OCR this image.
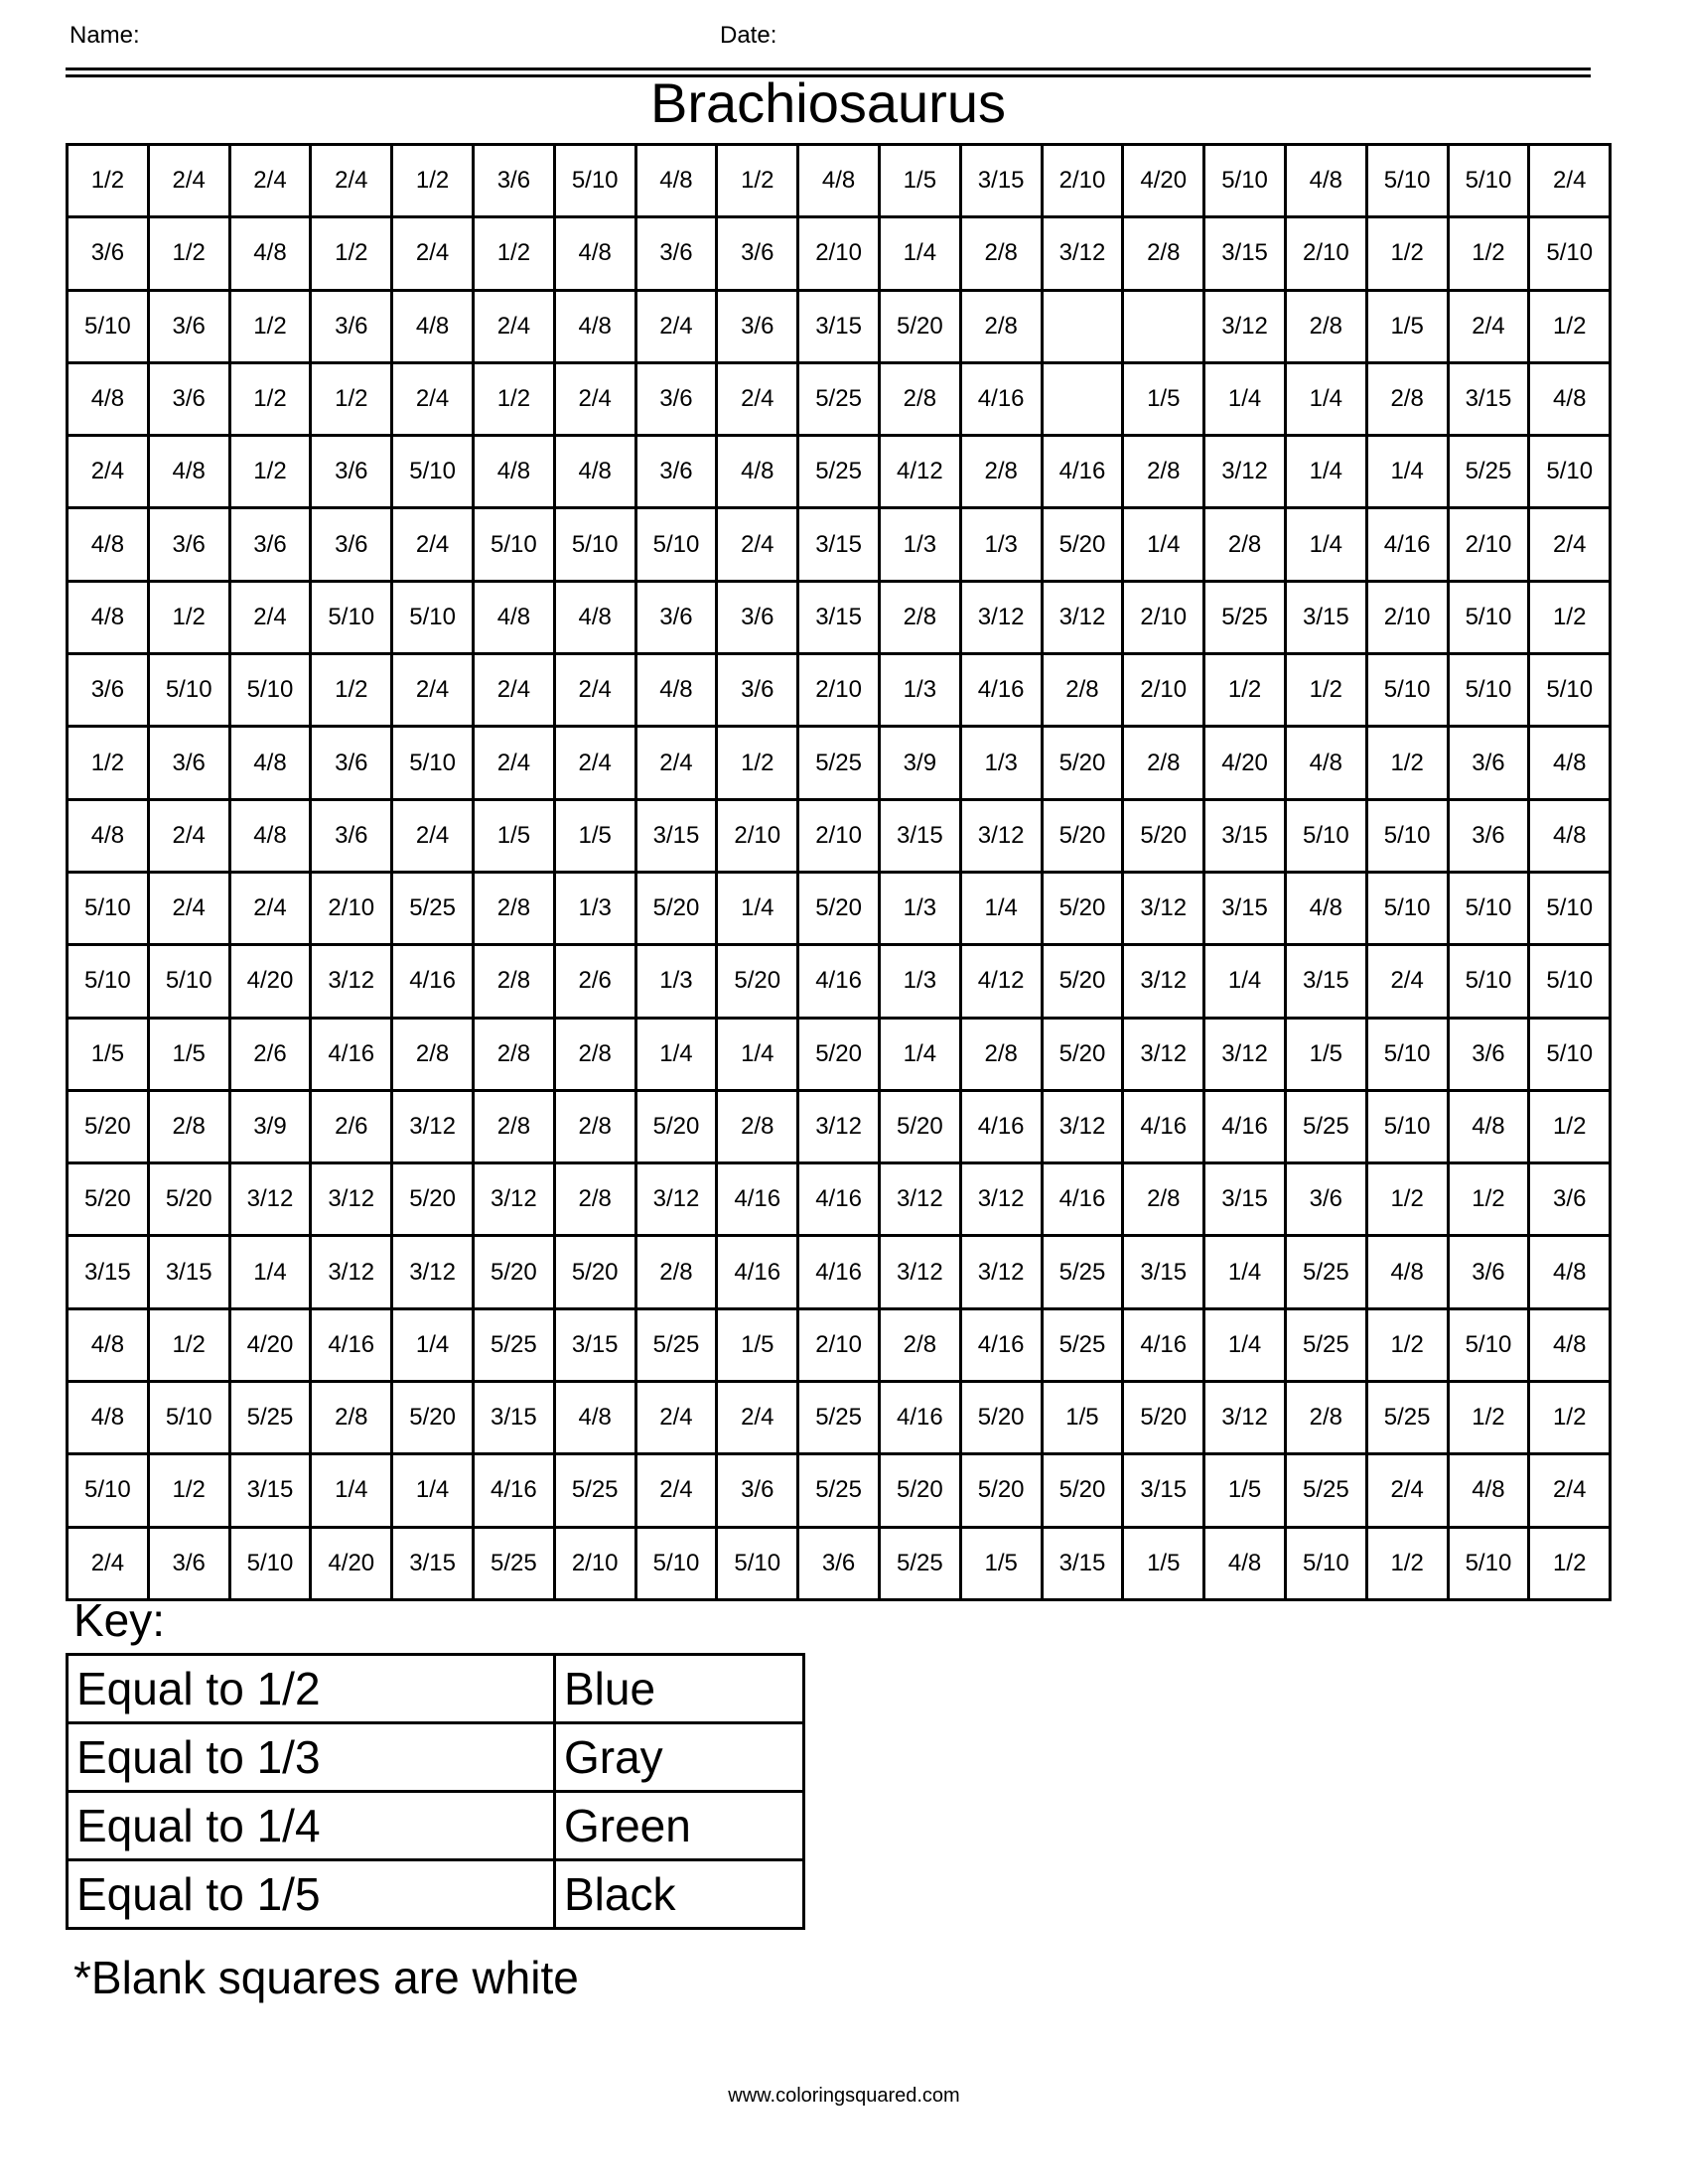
Name:	Date:
Brachiosaurus
1/2	2/4	2/4	2/4	1/2	3/6	5/10	4/8	1/2	4/8	1/5	3/15	2/10	4/20	5/10	4/8	5/10	5/10	2/4
3/6	1/2	4/8	1/2	2/4	1/2	4/8	3/6	3/6	2/10	1/4	2/8	3/12	2/8	3/15	2/10	1/2	1/2	5/10
5/10	3/6	1/2	3/6	4/8	2/4	4/8	2/4	3/6	3/15	5/20	2/8			3/12	2/8	1/5	2/4	1/2
4/8	3/6	1/2	1/2	2/4	1/2	2/4	3/6	2/4	5/25	2/8	4/16		1/5	1/4	1/4	2/8	3/15	4/8
2/4	4/8	1/2	3/6	5/10	4/8	4/8	3/6	4/8	5/25	4/12	2/8	4/16	2/8	3/12	1/4	1/4	5/25	5/10
4/8	3/6	3/6	3/6	2/4	5/10	5/10	5/10	2/4	3/15	1/3	1/3	5/20	1/4	2/8	1/4	4/16	2/10	2/4
4/8	1/2	2/4	5/10	5/10	4/8	4/8	3/6	3/6	3/15	2/8	3/12	3/12	2/10	5/25	3/15	2/10	5/10	1/2
3/6	5/10	5/10	1/2	2/4	2/4	2/4	4/8	3/6	2/10	1/3	4/16	2/8	2/10	1/2	1/2	5/10	5/10	5/10
1/2	3/6	4/8	3/6	5/10	2/4	2/4	2/4	1/2	5/25	3/9	1/3	5/20	2/8	4/20	4/8	1/2	3/6	4/8
4/8	2/4	4/8	3/6	2/4	1/5	1/5	3/15	2/10	2/10	3/15	3/12	5/20	5/20	3/15	5/10	5/10	3/6	4/8
5/10	2/4	2/4	2/10	5/25	2/8	1/3	5/20	1/4	5/20	1/3	1/4	5/20	3/12	3/15	4/8	5/10	5/10	5/10
5/10	5/10	4/20	3/12	4/16	2/8	2/6	1/3	5/20	4/16	1/3	4/12	5/20	3/12	1/4	3/15	2/4	5/10	5/10
1/5	1/5	2/6	4/16	2/8	2/8	2/8	1/4	1/4	5/20	1/4	2/8	5/20	3/12	3/12	1/5	5/10	3/6	5/10
5/20	2/8	3/9	2/6	3/12	2/8	2/8	5/20	2/8	3/12	5/20	4/16	3/12	4/16	4/16	5/25	5/10	4/8	1/2
5/20	5/20	3/12	3/12	5/20	3/12	2/8	3/12	4/16	4/16	3/12	3/12	4/16	2/8	3/15	3/6	1/2	1/2	3/6
3/15	3/15	1/4	3/12	3/12	5/20	5/20	2/8	4/16	4/16	3/12	3/12	5/25	3/15	1/4	5/25	4/8	3/6	4/8
4/8	1/2	4/20	4/16	1/4	5/25	3/15	5/25	1/5	2/10	2/8	4/16	5/25	4/16	1/4	5/25	1/2	5/10	4/8
4/8	5/10	5/25	2/8	5/20	3/15	4/8	2/4	2/4	5/25	4/16	5/20	1/5	5/20	3/12	2/8	5/25	1/2	1/2
5/10	1/2	3/15	1/4	1/4	4/16	5/25	2/4	3/6	5/25	5/20	5/20	5/20	3/15	1/5	5/25	2/4	4/8	2/4
2/4	3/6	5/10	4/20	3/15	5/25	2/10	5/10	5/10	3/6	5/25	1/5	3/15	1/5	4/8	5/10	1/2	5/10	1/2
Key:
Equal to 1/2	Blue
Equal to 1/3	Gray
Equal to 1/4	Green
Equal to 1/5	Black
*Blank squares are white
www.coloringsquared.com
